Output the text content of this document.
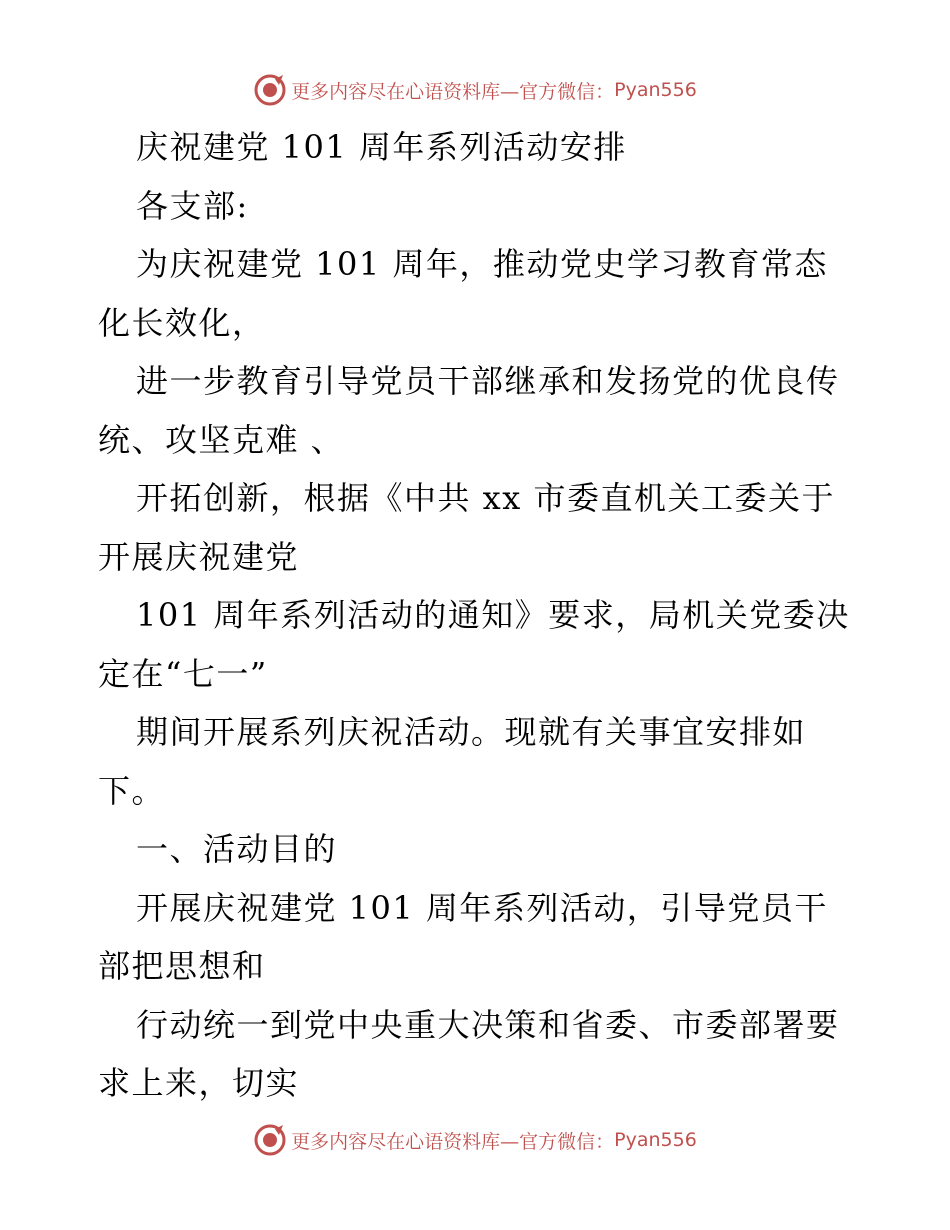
更多内容尽在心语资料库—官方微信： Pyan556
庆祝建党 101 周年系列活动安排
各支部:
为庆祝建党 101 周年，推动党史学习教育常态
化长效化，
进一步教育引导党员干部继承和发扬党的优良传
统、攻坚克难 、
开拓创新，根据《中共 xx 市委直机关工委关于
开展庆祝建党
101 周年系列活动的通知》要求，局机关党委决
定在“七一”
期间开展系列庆祝活动。现就有关事宜安排如
下。
一、活动目的
开展庆祝建党 101 周年系列活动，引导党员干
部把思想和
行动统一到党中央重大决策和省委、市委部署要
求上来，切实
更多内容尽在心语资料库—官方微信： Pyan556
